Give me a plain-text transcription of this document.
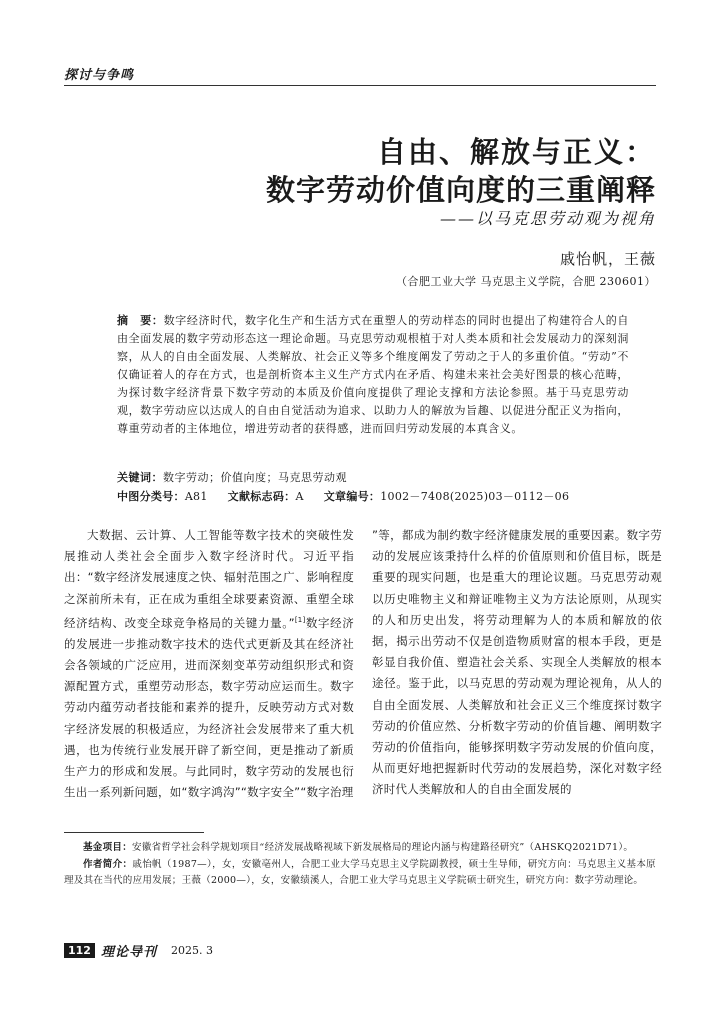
探讨与争鸣
自由、解放与正义：
数字劳动价值向度的三重阐释
——以马克思劳动观为视角
戚怡帆，王薇
（合肥工业大学 马克思主义学院，合肥 230601）
摘　要：数字经济时代，数字化生产和生活方式在重塑人的劳动样态的同时也提出了构建符合人的自由全面发展的数字劳动形态这一理论命题。马克思劳动观根植于对人类本质和社会发展动力的深刻洞察，从人的自由全面发展、人类解放、社会正义等多个维度阐发了劳动之于人的多重价值。“劳动”不仅确证着人的存在方式，也是剖析资本主义生产方式内在矛盾、构建未来社会美好图景的核心范畴，为探讨数字经济背景下数字劳动的本质及价值向度提供了理论支撑和方法论参照。基于马克思劳动观，数字劳动应以达成人的自由自觉活动为追求、以助力人的解放为旨趣、以促进分配正义为指向，尊重劳动者的主体地位，增进劳动者的获得感，进而回归劳动发展的本真含义。
关键词：数字劳动；价值向度；马克思劳动观
中图分类号：A81 文献标志码：A 文章编号：1002－7408(2025)03－0112－06

大数据、云计算、人工智能等数字技术的突破性发展推动人类社会全面步入数字经济时代。习近平指出：“数字经济发展速度之快、辐射范围之广、影响程度之深前所未有，正在成为重组全球要素资源、重塑全球经济结构、改变全球竞争格局的关键力量。”[1]数字经济的发展进一步推动数字技术的迭代式更新及其在经济社会各领域的广泛应用，进而深刻变革劳动组织形式和资源配置方式，重塑劳动形态，数字劳动应运而生。数字劳动内蕴劳动者技能和素养的提升，反映劳动方式对数字经济发展的积极适应，为经济社会发展带来了重大机遇，也为传统行业发展开辟了新空间，更是推动了新质生产力的形成和发展。与此同时，数字劳动的发展也衍生出一系列新问题，如“数字鸿沟”“数字安全”“数字治理

”等，都成为制约数字经济健康发展的重要因素。数字劳动的发展应该秉持什么样的价值原则和价值目标，既是重要的现实问题，也是重大的理论议题。马克思劳动观以历史唯物主义和辩证唯物主义为方法论原则，从现实的人和历史出发，将劳动理解为人的本质和解放的依据，揭示出劳动不仅是创造物质财富的根本手段，更是彰显自我价值、塑造社会关系、实现全人类解放的根本途径。鉴于此，以马克思的劳动观为理论视角，从人的自由全面发展、人类解放和社会正义三个维度探讨数字劳动的价值应然、分析数字劳动的价值旨趣、阐明数字劳动的价值指向，能够探明数字劳动发展的价值向度，从而更好地把握新时代劳动的发展趋势，深化对数字经济时代人类解放和人的自由全面发展的

基金项目：安徽省哲学社会科学规划项目“经济发展战略视域下新发展格局的理论内涵与构建路径研究”（AHSKQ2021D71）。

作者简介：戚怡帆（1987—），女，安徽亳州人，合肥工业大学马克思主义学院副教授，硕士生导师，研究方向：马克思主义基本原理及其在当代的应用发展；王薇（2000—），女，安徽绩溪人，合肥工业大学马克思主义学院硕士研究生，研究方向：数字劳动理论。

112 理论导刊 2025. 3
